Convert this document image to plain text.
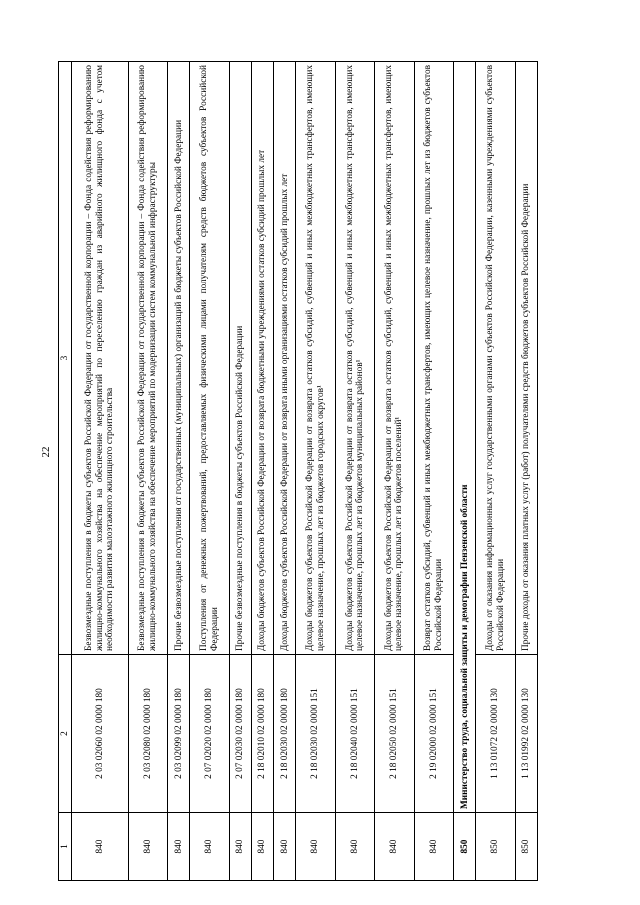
22
1	2	3
840	2 03 02060 02 0000 180	Безвозмездные поступления в бюджеты субъектов Российской Федерации от государственной корпорации – Фонда содействия реформированию жилищно-коммунального хозяйства на обеспечение мероприятий по переселению граждан из аварийного жилищного фонда с учетом необходимости развития малоэтажного жилищного строительства
840	2 03 02080 02 0000 180	Безвозмездные поступления в бюджеты субъектов Российской Федерации от государственной корпорации – Фонда содействия реформированию жилищно-коммунального хозяйства на обеспечение мероприятий по модернизации систем коммунальной инфраструктуры
840	2 03 02099 02 0000 180	Прочие безвозмездные поступления от государственных (муниципальных) организаций в бюджеты субъектов Российской Федерации
840	2 07 02020 02 0000 180	Поступления от денежных пожертвований, предоставляемых физическими лицами получателям средств бюджетов субъектов Российской Федерации
840	2 07 02030 02 0000 180	Прочие безвозмездные поступления в бюджеты субъектов Российской Федерации
840	2 18 02010 02 0000 180	Доходы бюджетов субъектов Российской Федерации от возврата бюджетными учреждениями остатков субсидий прошлых лет
840	2 18 02030 02 0000 180	Доходы бюджетов субъектов Российской Федерации от возврата иными организациями остатков субсидий прошлых лет
840	2 18 02030 02 0000 151	Доходы бюджетов субъектов Российской Федерации от возврата остатков субсидий, субвенций и иных межбюджетных трансфертов, имеющих целевое назначение, прошлых лет из бюджетов городских округов¹
840	2 18 02040 02 0000 151	Доходы бюджетов субъектов Российской Федерации от возврата остатков субсидий, субвенций и иных межбюджетных трансфертов, имеющих целевое назначение, прошлых лет из бюджетов муниципальных районов¹
840	2 18 02050 02 0000 151	Доходы бюджетов субъектов Российской Федерации от возврата остатков субсидий, субвенций и иных межбюджетных трансфертов, имеющих целевое назначение, прошлых лет из бюджетов поселений¹
840	2 19 02000 02 0000 151	Возврат остатков субсидий, субвенций и иных межбюджетных трансфертов, имеющих целевое назначение, прошлых лет из бюджетов субъектов Российской Федерации
850	Министерство труда, социальной защиты и демографии Пензенской области	
850	1 13 01072 02 0000 130	Доходы от оказания информационных услуг государственными органами субъектов Российской Федерации, казенными учреждениями субъектов Российской Федерации
850	1 13 01992 02 0000 130	Прочие доходы от оказания платных услуг (работ) получателями средств бюджетов субъектов Российской Федерации
